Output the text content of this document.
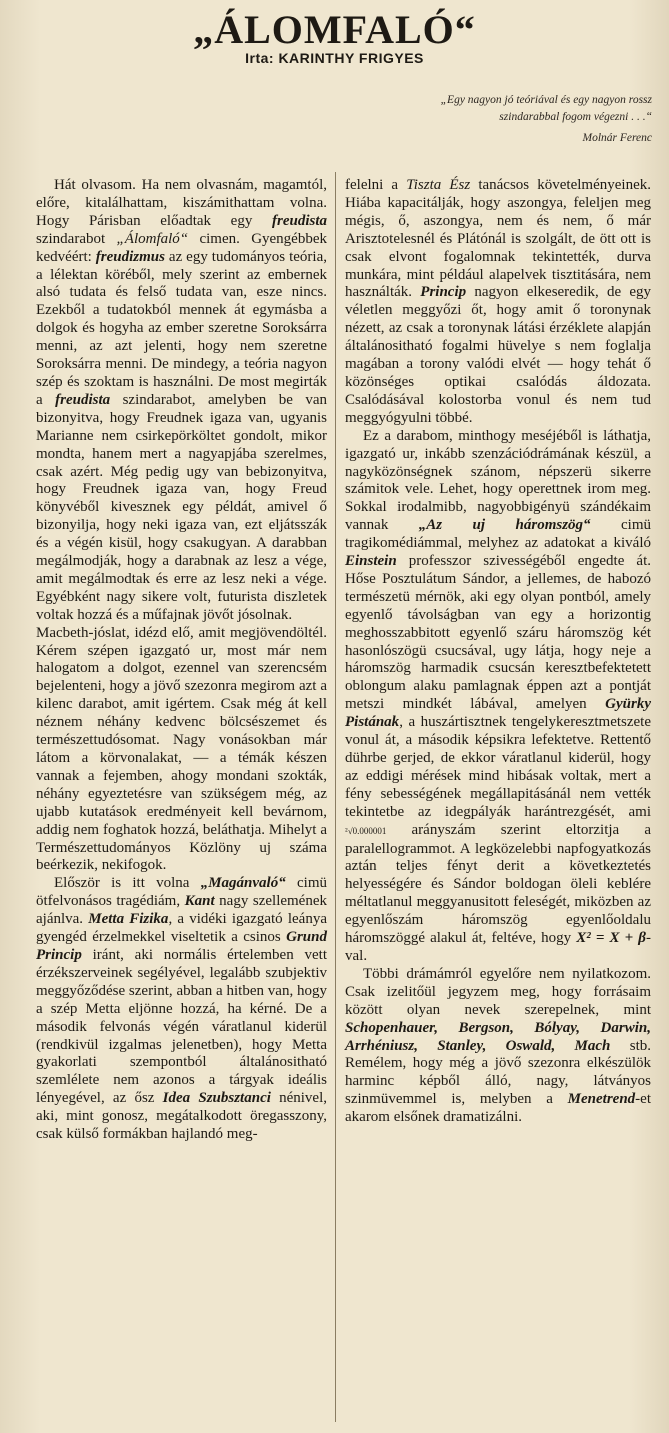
„ÁLOMFALÓ“
Irta: KARINTHY FRIGYES
„Egy nagyon jó teóriával és egy nagyon rossz szindarabbal fogom végezni . . .“
Molnár Ferenc

Hát olvasom. Ha nem olvasnám, magamtól, előre, kitalálhattam, kiszámithattam volna. Hogy Párisban előadtak egy freudista szindarabot „Álomfaló“ cimen. Gyengébbek kedvéért: freudizmus az egy tudományos teória, a lélektan köréből, mely szerint az embernek alsó tudata és felső tudata van, esze nincs. Ezekből a tudatokból mennek át egymásba a dolgok és hogyha az ember szeretne Soroksárra menni, az azt jelenti, hogy nem szeretne Soroksárra menni. De mindegy, a teória nagyon szép és szoktam is használni. De most megirták a freudista szindarabot, amelyben be van bizonyitva, hogy Freudnek igaza van, ugyanis Marianne nem csirkepörköltet gondolt, mikor mondta, hanem mert a nagyapjába szerelmes, csak azért. Még pedig ugy van bebizonyitva, hogy Freudnek igaza van, hogy Freud könyvéből kivesznek egy példát, amivel ő bizonyilja, hogy neki igaza van, ezt eljátsszák és a végén kisül, hogy csakugyan. A darabban megálmodják, hogy a darabnak az lesz a vége, amit megálmodtak és erre az lesz neki a vége. Egyébként nagy sikere volt, futurista diszletek voltak hozzá és a műfajnak jövőt jósolnak.

Macbeth-jóslat, idézd elő, amit megjövendöltél. Kérem szépen igazgató ur, most már nem halogatom a dolgot, ezennel van szerencsém bejelenteni, hogy a jövő szezonra megirom azt a kilenc darabot, amit igértem. Csak még át kell néznem néhány kedvenc bölcsészemet és természettudósomat. Nagy vonásokban már látom a körvonalakat, — a témák készen vannak a fejemben, ahogy mondani szokták, néhány egyeztetésre van szükségem még, az ujabb kutatások eredményeit kell bevárnom, addig nem foghatok hozzá, beláthatja. Mihelyt a Természettudományos Közlöny uj száma beérkezik, nekifogok.

Először is itt volna „Magánvaló“ cimü ötfelvonásos tragédiám, Kant nagy szellemének ajánlva. Metta Fizika, a vidéki igazgató leánya gyengéd érzelmekkel viseltetik a csinos Grund Princip iránt, aki normális értelemben vett érzékszerveinek segélyével, legalább szubjektiv meggyőződése szerint, abban a hitben van, hogy a szép Metta eljönne hozzá, ha kérné. De a második felvonás végén váratlanul kiderül (rendkivül izgalmas jelenetben), hogy Metta gyakorlati szempontból általánositható szemlélete nem azonos a tárgyak ideális lényegével, az ősz Idea Szubsztanci nénivel, aki, mint gonosz, megátalkodott öregasszony, csak külső formákban hajlandó meg-

felelni a Tiszta Ész tanácsos követelményeinek. Hiába kapacitálják, hogy aszongya, feleljen meg mégis, ő, aszongya, nem és nem, ő már Arisztotelesnél és Plátónál is szolgált, de ött ott is csak elvont fogalomnak tekintették, durva munkára, mint például alapelvek tisztitására, nem használták. Princip nagyon elkeseredik, de egy véletlen meggyőzi őt, hogy amit ő toronynak nézett, az csak a toronynak látási érzéklete alapján általánositható fogalmi hüvelye s nem foglalja magában a torony valódi elvét — hogy tehát ő közönséges optikai csalódás áldozata. Csalódásával kolostorba vonul és nem tud meggyógyulni többé.

Ez a darabom, minthogy meséjéből is láthatja, igazgató ur, inkább szenzációdrámának készül, a nagyközönségnek szánom, népszerü sikerre számitok vele. Lehet, hogy operettnek irom meg. Sokkal irodalmibb, nagyobbigényü szándékaim vannak „Az uj háromszög“ cimü tragikomédiámmal, melyhez az adatokat a kiváló Einstein professzor szivességéből engedte át. Hőse Posztulátum Sándor, a jellemes, de habozó természetü mérnök, aki egy olyan pontból, amely egyenlő távolságban van egy a horizontig meghosszabbitott egyenlő száru háromszög két hasonlószögü csucsával, ugy látja, hogy neje a háromszög harmadik csucsán keresztbefektetett oblongum alaku pamlagnak éppen azt a pontját metszi mindkét lábával, amelyen Gyürky Pistának, a huszártisztnek tengelykeresztmetszete vonul át, a második képsikra lefektetve. Rettentő dührbe gerjed, de ekkor váratlanul kiderül, hogy az eddigi mérések mind hibásak voltak, mert a fény sebességének megállapitásánál nem vették tekintetbe az idegpályák harántrezgését, ami ²√0.000001 arányszám szerint eltorzitja a paralellogrammot. A legközelebbi napfogyatkozás aztán teljes fényt derit a következtetés helyességére és Sándor boldogan öleli keblére méltatlanul meggyanusitott feleségét, miközben az egyenlőszám háromszög egyenlőoldalu háromszöggé alakul át, feltéve, hogy X² = X + β-val.

Többi drámámról egyelőre nem nyilatkozom. Csak izelitőül jegyzem meg, hogy forrásaim között olyan nevek szerepelnek, mint Schopenhauer, Bergson, Bólyay, Darwin, Arrhéniusz, Stanley, Oswald, Mach stb. Remélem, hogy még a jövő szezonra elkészülök harminc képből álló, nagy, látványos szinmüvemmel is, melyben a Menetrend-et akarom elsőnek dramatizálni.
